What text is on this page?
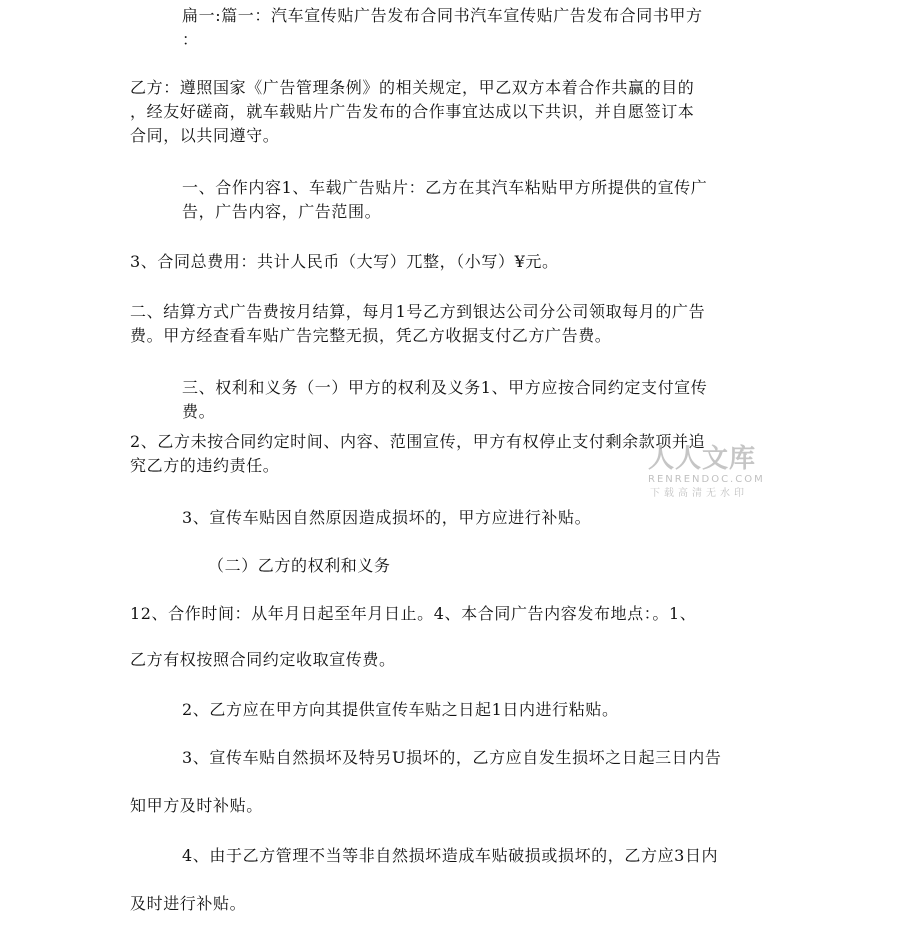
扁一:篇一：汽车宣传贴广告发布合同书汽车宣传贴广告发布合同书甲方
：
乙方：遵照国家《广告管理条例》的相关规定，甲乙双方本着合作共赢的目的
，经友好磋商，就车载贴片广告发布的合作事宜达成以下共识，并自愿签订本
合同，以共同遵守。
一、合作内容1、车载广告贴片：乙方在其汽车粘贴甲方所提供的宣传广
告，广告内容，广告范围。
3、合同总费用：共计人民币（大写）兀整，（小写）¥元。
二、结算方式广告费按月结算，每月1号乙方到银达公司分公司领取每月的广告
费。甲方经查看车贴广告完整无损，凭乙方收据支付乙方广告费。
三、权利和义务（一）甲方的权利及义务1、甲方应按合同约定支付宣传
费。
2、乙方未按合同约定时间、内容、范围宣传，甲方有权停止支付剩余款项并追
究乙方的违约责任。
3、宣传车贴因自然原因造成损坏的，甲方应进行补贴。
（二）乙方的权利和义务
12、合作时间：从年月日起至年月日止。4、本合同广告内容发布地点：。1、
乙方有权按照合同约定收取宣传费。
2、乙方应在甲方向其提供宣传车贴之日起1日内进行粘贴。
3、宣传车贴自然损坏及特另U损坏的，乙方应自发生损坏之日起三日内告
知甲方及时补贴。
4、由于乙方管理不当等非自然损坏造成车贴破损或损坏的，乙方应3日内
及时进行补贴。
人人文库
RENRENDOC.COM
下载高清无水印
